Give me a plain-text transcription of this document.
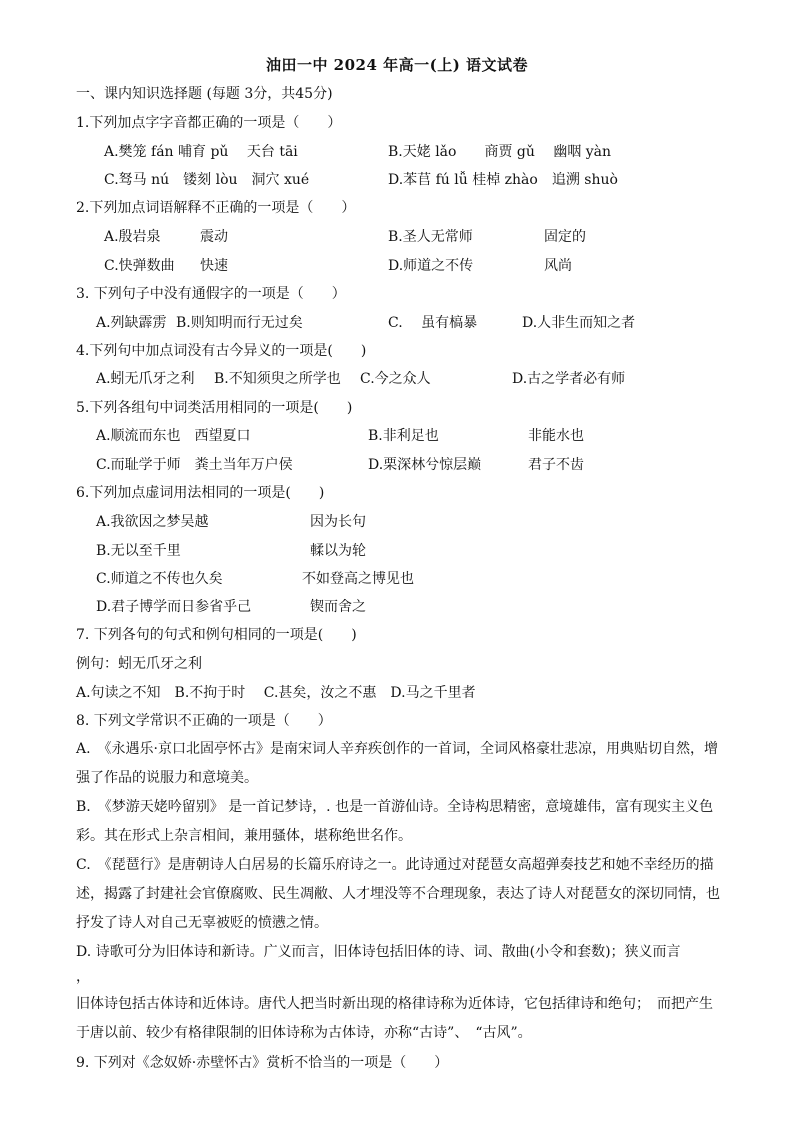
油田一中 2024 年高一(上) 语文试卷
一、课内知识选择题 (每题 3分，共45分)
1.下列加点字字音都正确的一项是（　　）
A.樊笼 fán 哺育 pǔ　 天台 tāi	B.天姥 lǎo　　商贾 gǔ　 幽咽 yàn
C.驽马 nú　镂刻 lòu　洞穴 xué	D.苯苢 fú lǚ 桂棹 zhào　追溯 shuò
2.下列加点词语解释不正确的一项是（　　）
A.殷岩泉	震动	B.圣人无常师	固定的
C.快弹数曲 快速	D.师道之不传	风尚
3. 下列句子中没有通假字的一项是（　　）
A.列缺霹雳 B.则知明而行无过矣	C.　 虽有槁暴	D.人非生而知之者
4.下列句中加点词没有古今异义的一项是(　　)
A.蚓无爪牙之利 B.不知须臾之所学也 C.今之众人	D.古之学者必有师
5.下列各组句中词类活用相同的一项是(　　)
A.顺流而东也　西望夏口	B.非利足也	非能水也
C.而耻学于师　粪土当年万户侯	D.栗深林兮惊层巅	君子不齿
6.下列加点虚词用法相同的一项是(　　)
A.我欲因之梦吴越	因为长句
B.无以至千里	輮以为轮
C.师道之不传也久矣	不如登高之博见也
D.君子博学而日参省乎己	锲而舍之
7. 下列各句的句式和例句相同的一项是(　　)
例句：蚓无爪牙之利
A.句读之不知　B.不拘于时　 C.甚矣，汝之不惠　D.马之千里者
8. 下列文学常识不正确的一项是（　　）
A.　《永遇乐·京口北固亭怀古》是南宋词人辛弃疾创作的一首词，全词风格豪壮悲凉，用典贴切自然，增强了作品的说服力和意境美。
B.　《梦游天姥吟留别》 是一首记梦诗，. 也是一首游仙诗。全诗构思精密，意境雄伟，富有现实主义色彩。其在形式上杂言相间，兼用骚体，堪称绝世名作。
C.　《琵琶行》是唐朝诗人白居易的长篇乐府诗之一。此诗通过对琵琶女高超弹奏技艺和她不幸经历的描述，揭露了封建社会官僚腐败、民生凋敝、人才埋没等不合理现象，表达了诗人对琵琶女的深切同情，也抒发了诗人对自己无辜被贬的愤懑之情。
D. 诗歌可分为旧体诗和新诗。广义而言，旧体诗包括旧体的诗、词、散曲(小令和套数)；狭义而言
，
旧体诗包括古体诗和近体诗。唐代人把当时新出现的格律诗称为近体诗，它包括律诗和绝句；　而把产生于唐以前、较少有格律限制的旧体诗称为古体诗，亦称“古诗”、　“古风”。
9. 下列对《念奴娇·赤壁怀古》赏析不恰当的一项是（　　）
